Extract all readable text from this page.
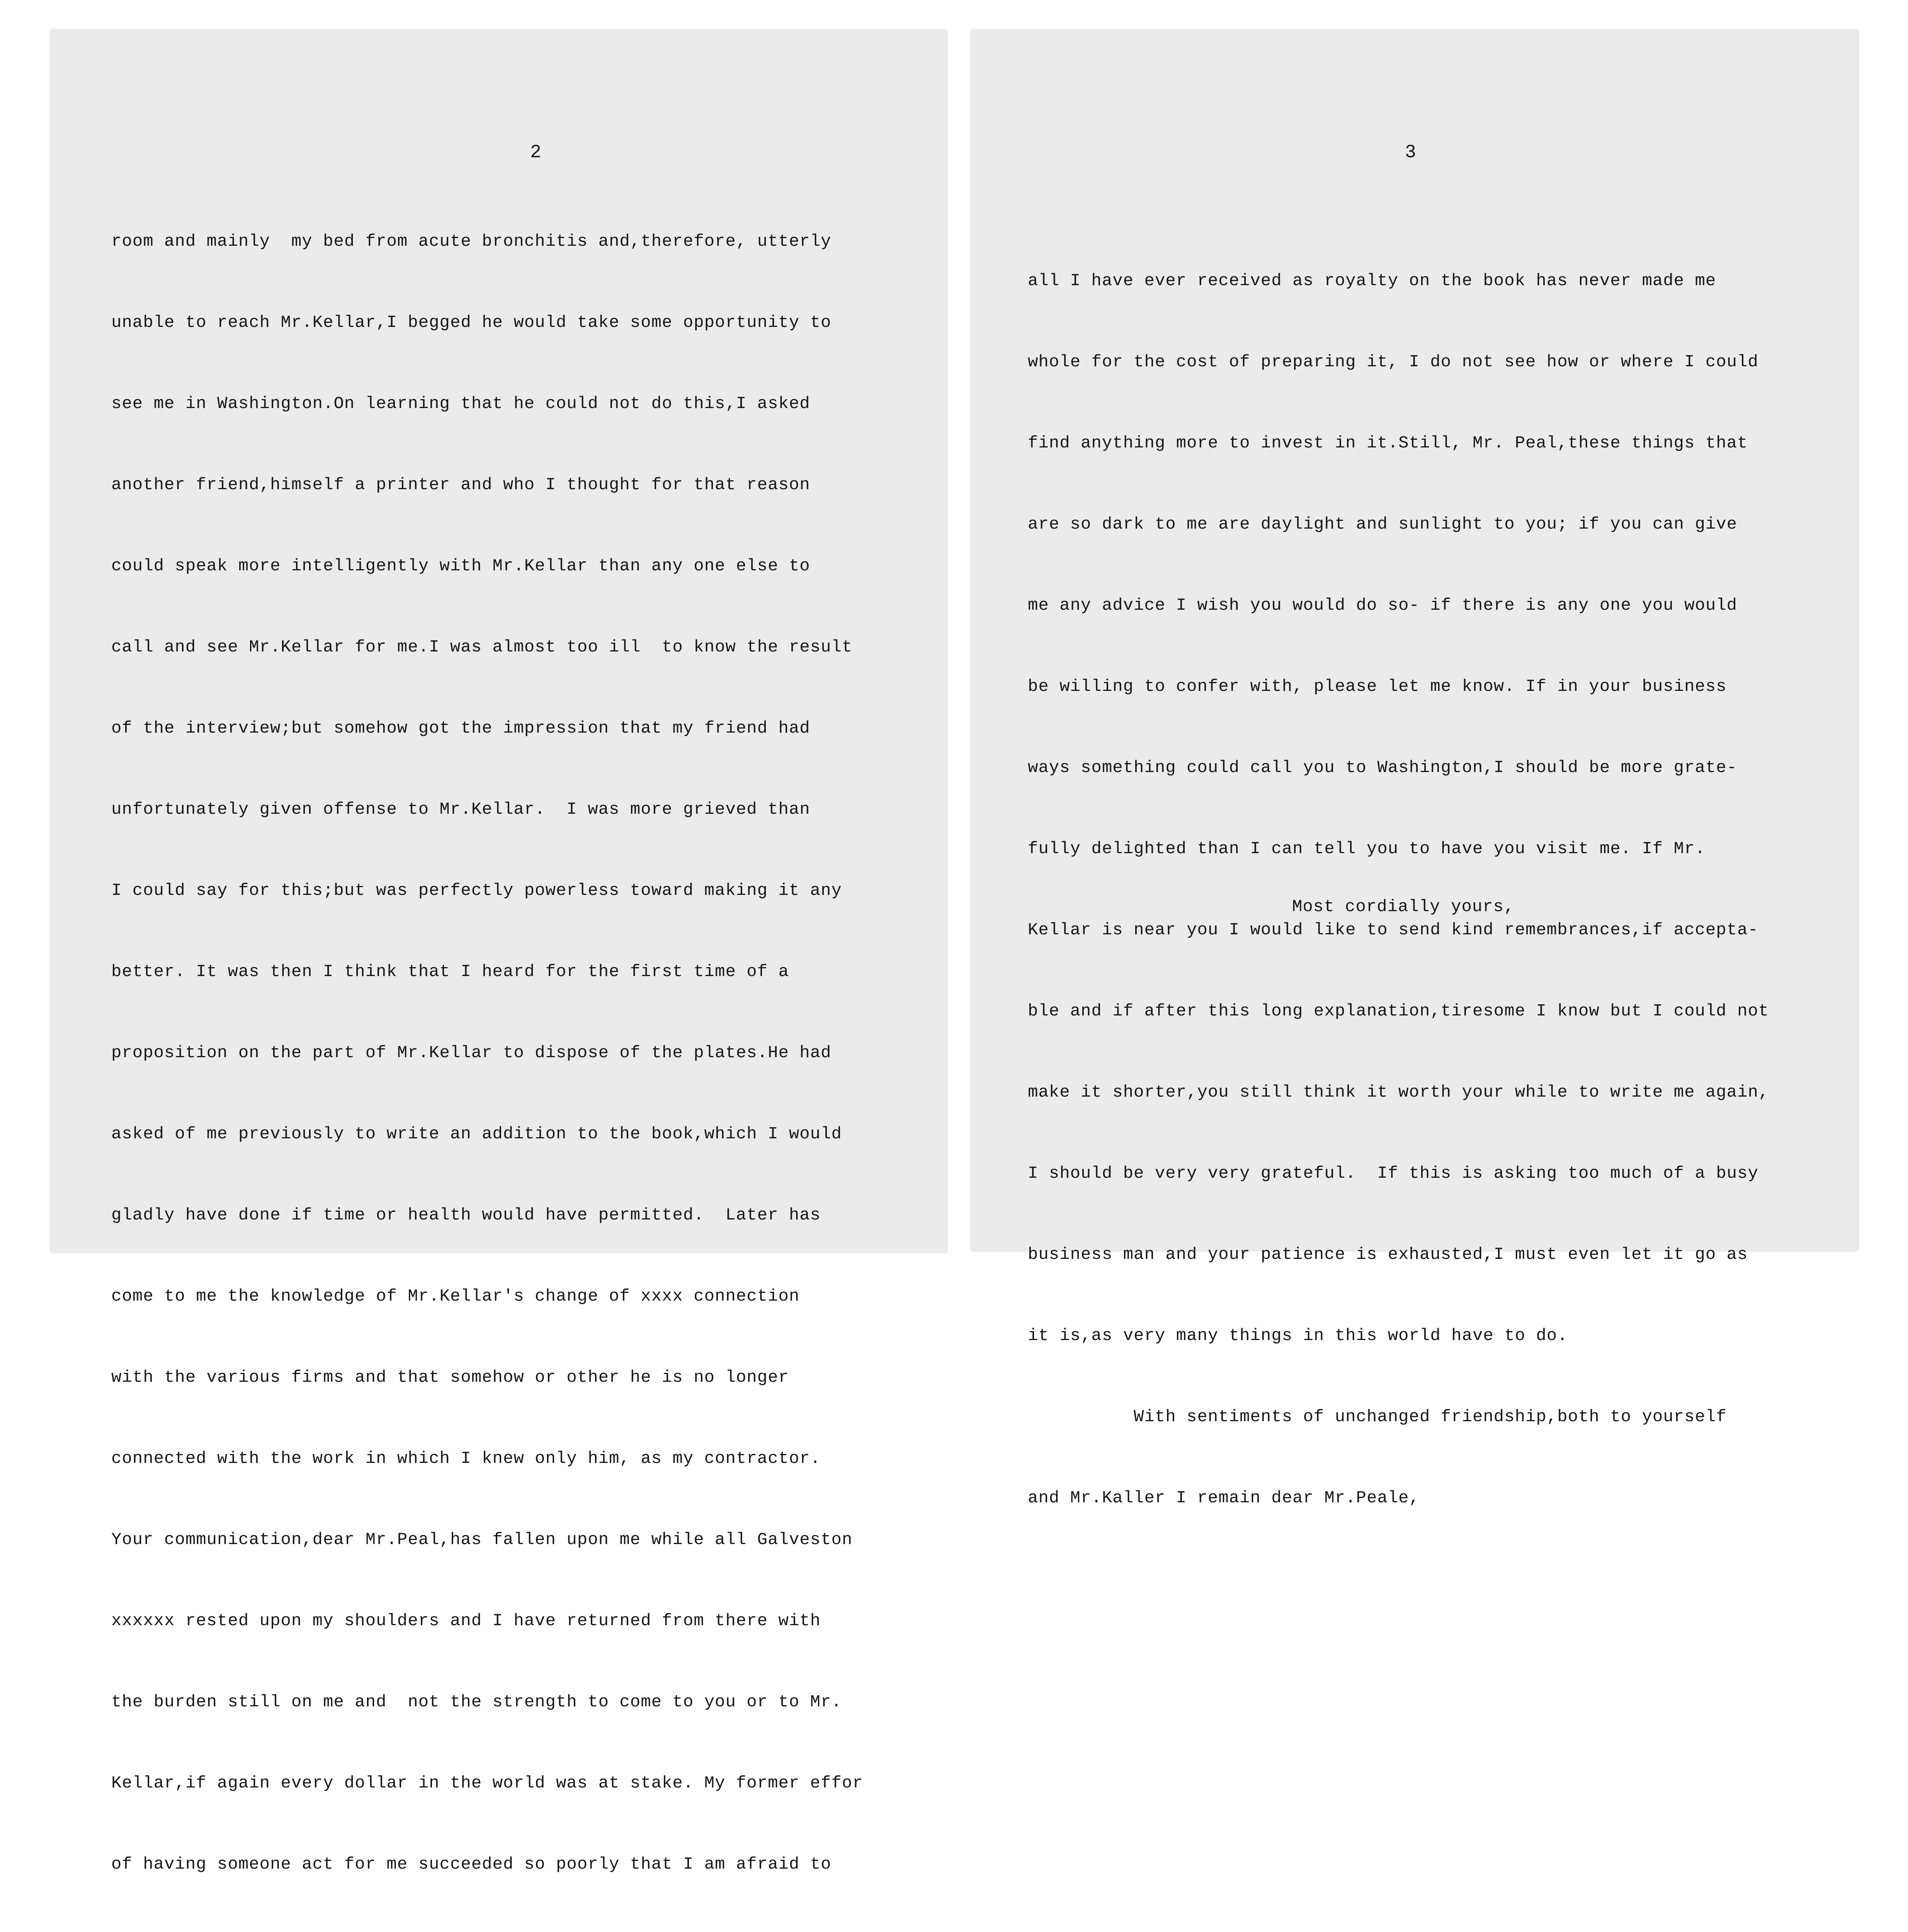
2

room and mainly  my bed from acute bronchitis and,therefore, utterly

unable to reach Mr.Kellar,I begged he would take some opportunity to

see me in Washington.On learning that he could not do this,I asked

another friend,himself a printer and who I thought for that reason

could speak more intelligently with Mr.Kellar than any one else to

call and see Mr.Kellar for me.I was almost too ill  to know the result

of the interview;but somehow got the impression that my friend had

unfortunately given offense to Mr.Kellar.  I was more grieved than

I could say for this;but was perfectly powerless toward making it any

better. It was then I think that I heard for the first time of a

proposition on the part of Mr.Kellar to dispose of the plates.He had

asked of me previously to write an addition to the book,which I would

gladly have done if time or health would have permitted.  Later has

come to me the knowledge of Mr.Kellar's change of xxxx connection

with the various firms and that somehow or other he is no longer

connected with the work in which I knew only him, as my contractor.

Your communication,dear Mr.Peal,has fallen upon me while all Galveston

xxxxxx rested upon my shoulders and I have returned from there with

the burden still on me and  not the strength to come to you or to Mr.

Kellar,if again every dollar in the world was at stake. My former effor

of having someone act for me succeeded so poorly that I am afraid to

3

all I have ever received as royalty on the book has never made me

whole for the cost of preparing it, I do not see how or where I could

find anything more to invest in it.Still, Mr. Peal,these things that

are so dark to me are daylight and sunlight to you; if you can give

me any advice I wish you would do so- if there is any one you would

be willing to confer with, please let me know. If in your business

ways something could call you to Washington,I should be more grate-

fully delighted than I can tell you to have you visit me. If Mr.

Kellar is near you I would like to send kind remembrances,if accepta-

ble and if after this long explanation,tiresome I know but I could not

make it shorter,you still think it worth your while to write me again,

I should be very very grateful.  If this is asking too much of a busy

business man and your patience is exhausted,I must even let it go as

it is,as very many things in this world have to do.

With sentiments of unchanged friendship,both to yourself

and Mr.Kaller I remain dear Mr.Peale,

Most cordially yours,
